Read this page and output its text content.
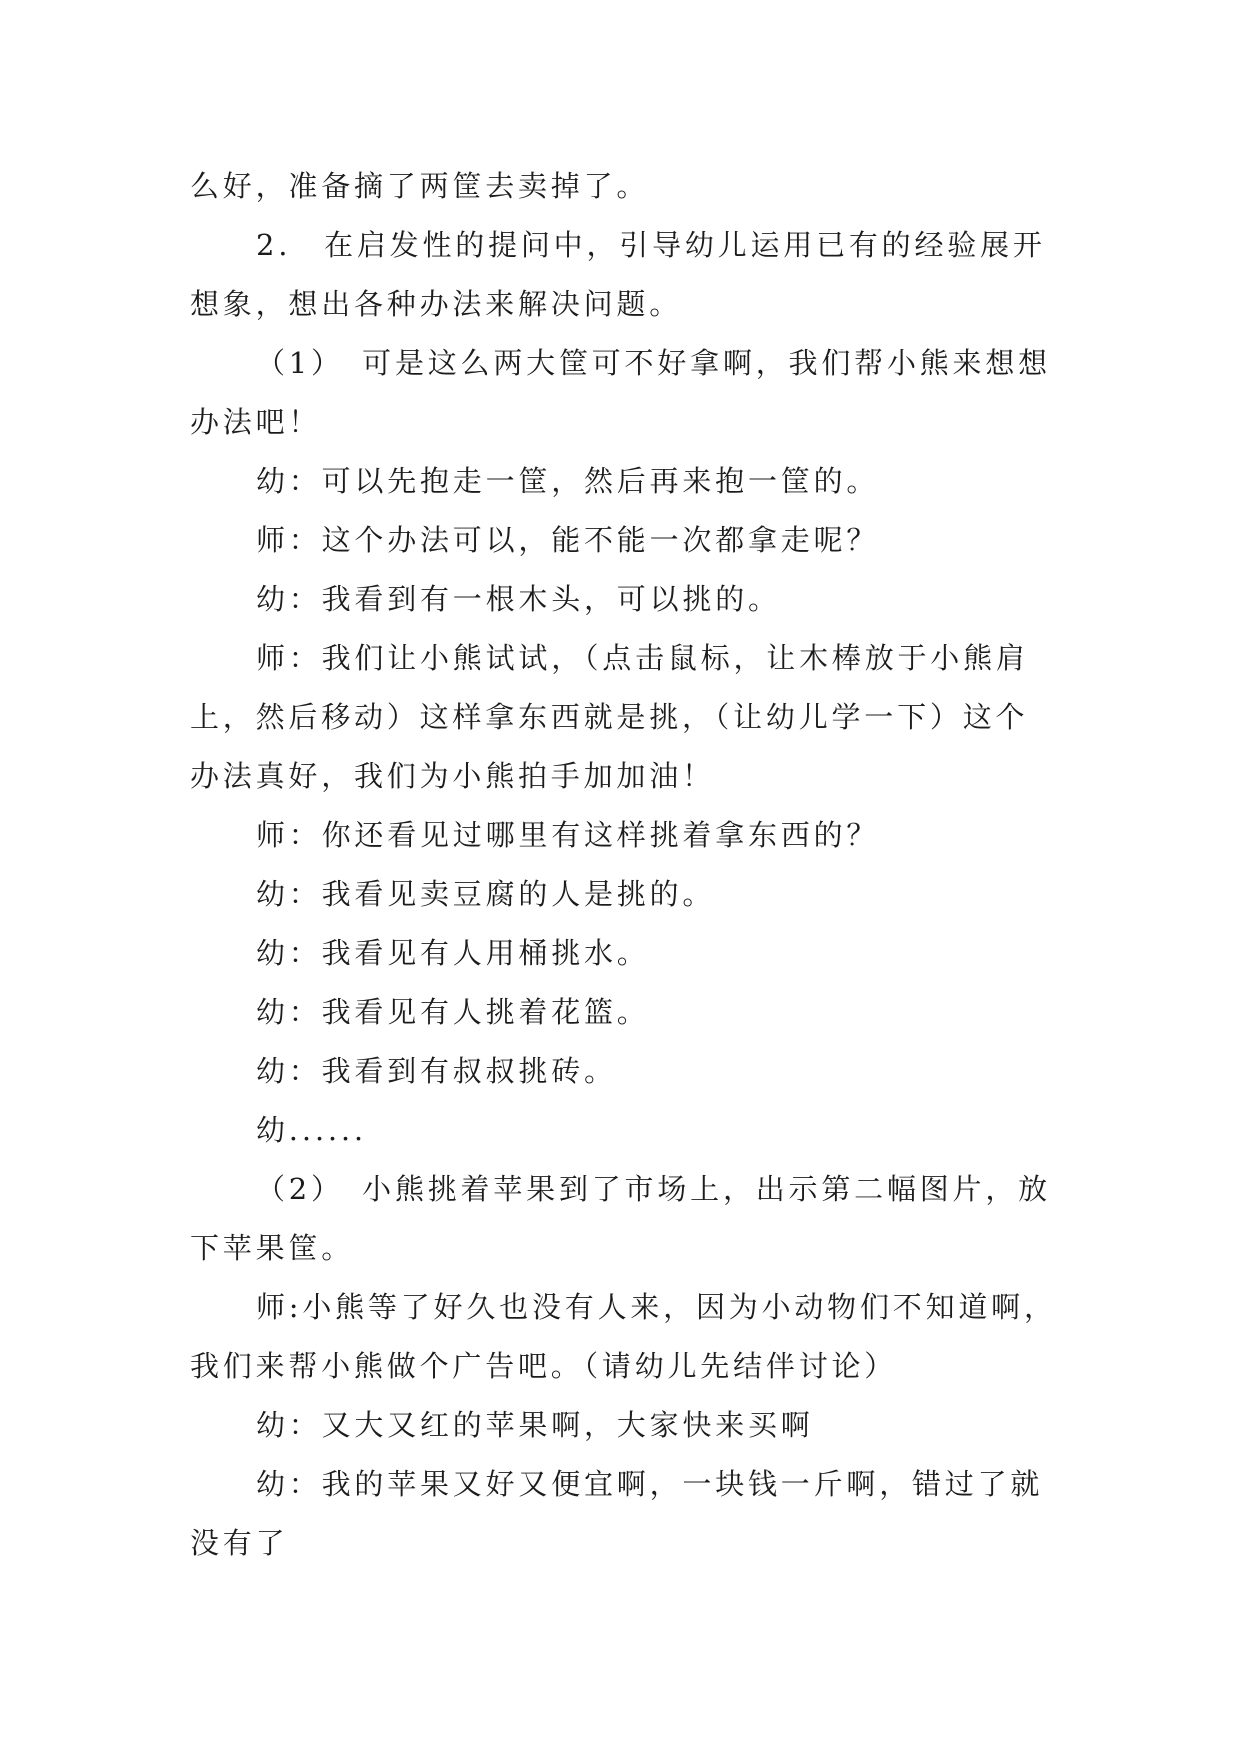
么好，准备摘了两筐去卖掉了。
2.　在启发性的提问中，引导幼儿运用已有的经验展开
想象，想出各种办法来解决问题。
（1）　可是这么两大筐可不好拿啊，我们帮小熊来想想
办法吧！
幼：可以先抱走一筐，然后再来抱一筐的。
师：这个办法可以，能不能一次都拿走呢？
幼：我看到有一根木头，可以挑的。
师：我们让小熊试试，（点击鼠标，让木棒放于小熊肩
上，然后移动）这样拿东西就是挑，（让幼儿学一下）这个
办法真好，我们为小熊拍手加加油！
师：你还看见过哪里有这样挑着拿东西的？
幼：我看见卖豆腐的人是挑的。
幼：我看见有人用桶挑水。
幼：我看见有人挑着花篮。
幼：我看到有叔叔挑砖。
幼......
（2）　小熊挑着苹果到了市场上，出示第二幅图片，放
下苹果筐。
师:小熊等了好久也没有人来，因为小动物们不知道啊，
我们来帮小熊做个广告吧。（请幼儿先结伴讨论）
幼：又大又红的苹果啊，大家快来买啊
幼：我的苹果又好又便宜啊，一块钱一斤啊，错过了就
没有了
